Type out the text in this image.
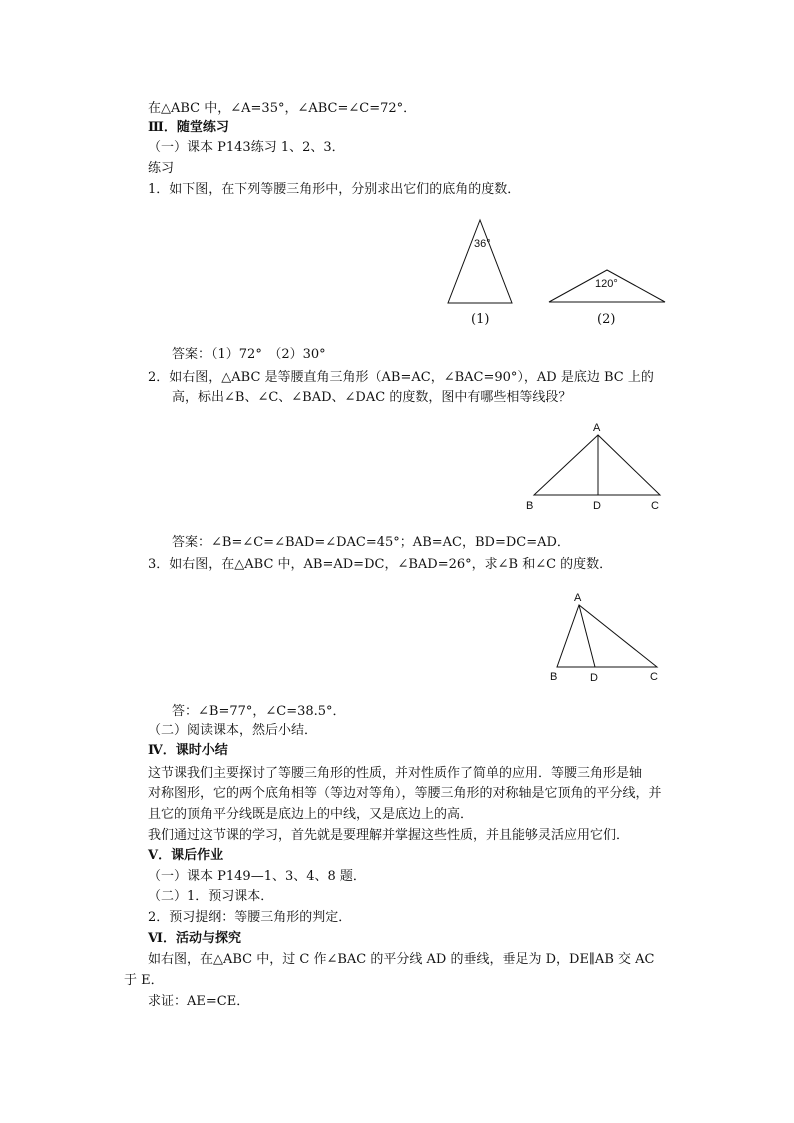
在△ABC 中，∠A=35°，∠ABC=∠C=72°．
Ⅲ．随堂练习
（一）课本 P143练习 1、2、3．
练习
1．如下图，在下列等腰三角形中，分别求出它们的底角的度数．
36°
(1)
120°
(2)
答案：（1）72°　（2）30°
2．如右图，△ABC 是等腰直角三角形（AB=AC，∠BAC=90°），AD 是底边 BC 上的
高，标出∠B、∠C、∠BAD、∠DAC 的度数，图中有哪些相等线段？
A
B	D	C
答案：∠B=∠C=∠BAD=∠DAC=45°；AB=AC，BD=DC=AD．
3．如右图，在△ABC 中，AB=AD=DC，∠BAD=26°，求∠B 和∠C 的度数．
A
B	D	C
答：∠B=77°，∠C=38.5°．
（二）阅读课本，然后小结．
Ⅳ．课时小结
这节课我们主要探讨了等腰三角形的性质，并对性质作了简单的应用．等腰三角形是轴
对称图形，它的两个底角相等（等边对等角），等腰三角形的对称轴是它顶角的平分线，并
且它的顶角平分线既是底边上的中线，又是底边上的高．
我们通过这节课的学习，首先就是要理解并掌握这些性质，并且能够灵活应用它们．
Ⅴ．课后作业
（一）课本 P149—1、3、4、8 题．
（二）1．预习课本．
2．预习提纲：等腰三角形的判定．
Ⅵ．活动与探究
如右图，在△ABC 中，过 C 作∠BAC 的平分线 AD 的垂线，垂足为 D，DE∥AB 交 AC
于 E．
求证：AE=CE．
